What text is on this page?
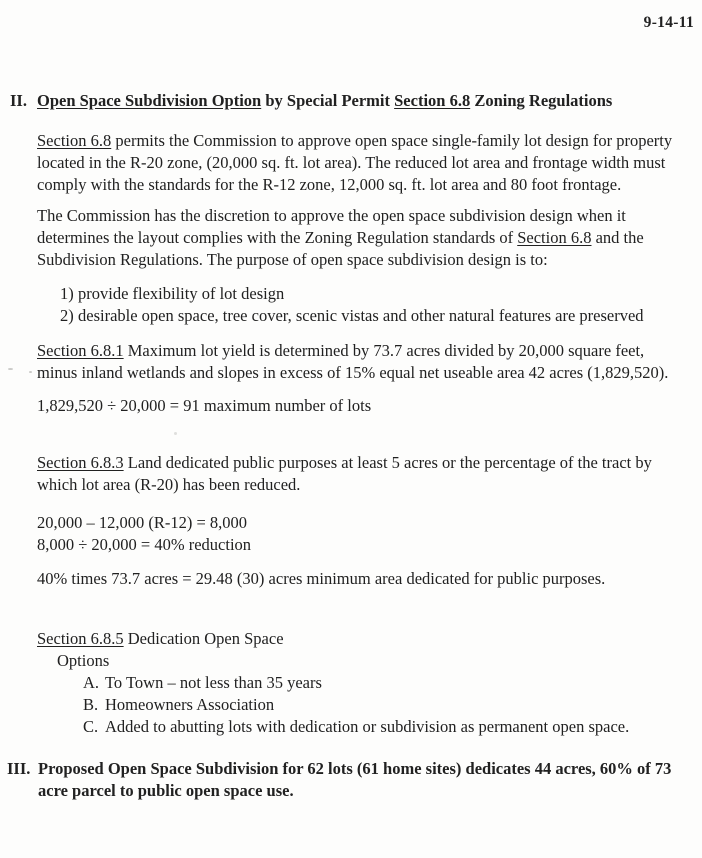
9-14-11

II. Open Space Subdivision Option by Special Permit Section 6.8 Zoning Regulations

Section 6.8 permits the Commission to approve open space single-family lot design for property located in the R-20 zone, (20,000 sq. ft. lot area). The reduced lot area and frontage width must comply with the standards for the R-12 zone, 12,000 sq. ft. lot area and 80 foot frontage.

The Commission has the discretion to approve the open space subdivision design when it determines the layout complies with the Zoning Regulation standards of Section 6.8 and the Subdivision Regulations. The purpose of open space subdivision design is to:

1) provide flexibility of lot design

2) desirable open space, tree cover, scenic vistas and other natural features are preserved

Section 6.8.1 Maximum lot yield is determined by 73.7 acres divided by 20,000 square feet, minus inland wetlands and slopes in excess of 15% equal net useable area 42 acres (1,829,520).

1,829,520 ÷ 20,000 = 91 maximum number of lots

Section 6.8.3 Land dedicated public purposes at least 5 acres or the percentage of the tract by which lot area (R-20) has been reduced.

20,000 – 12,000 (R-12) = 8,000

8,000 ÷ 20,000 = 40% reduction

40% times 73.7 acres = 29.48 (30) acres minimum area dedicated for public purposes.

Section 6.8.5 Dedication Open Space

Options

A. To Town – not less than 35 years

B. Homeowners Association

C. Added to abutting lots with dedication or subdivision as permanent open space.

III. Proposed Open Space Subdivision for 62 lots (61 home sites) dedicates 44 acres, 60% of 73 acre parcel to public open space use.
